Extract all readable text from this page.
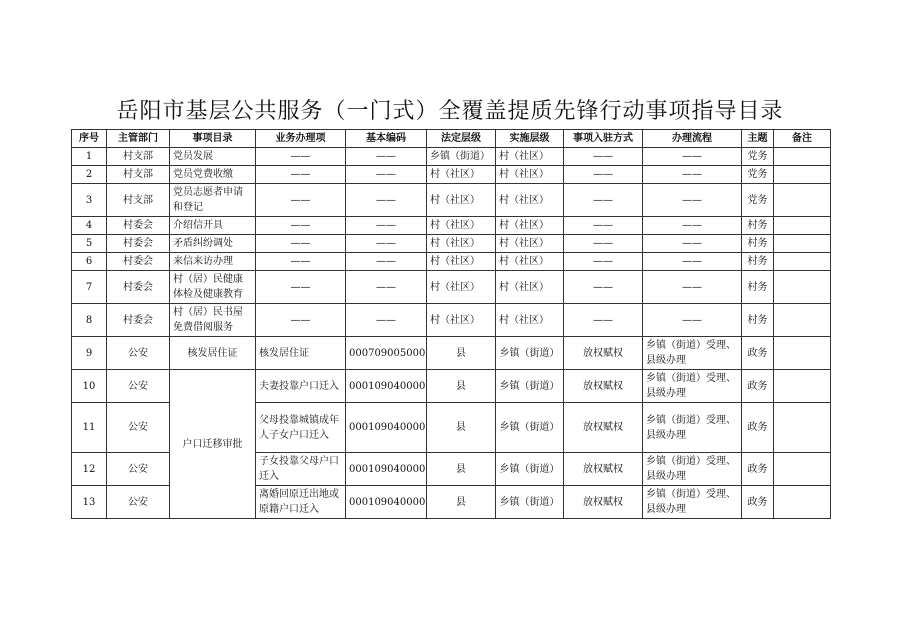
岳阳市基层公共服务（一门式）全覆盖提质先锋行动事项指导目录
序号	主管部门	事项目录	业务办理项	基本编码	法定层级	实施层级	事项入驻方式	办理流程	主题	备注
1	村支部	党员发展	——	——	乡镇（街道）	村（社区）	——	——	党务	
2	村支部	党员党费收缴	——	——	村（社区）	村（社区）	——	——	党务	
3	村支部	党员志愿者申请和登记	——	——	村（社区）	村（社区）	——	——	党务	
4	村委会	介绍信开具	——	——	村（社区）	村（社区）	——	——	村务	
5	村委会	矛盾纠纷调处	——	——	村（社区）	村（社区）	——	——	村务	
6	村委会	来信来访办理	——	——	村（社区）	村（社区）	——	——	村务	
7	村委会	村（居）民健康体检及健康教育	——	——	村（社区）	村（社区）	——	——	村务	
8	村委会	村（居）民书屋免费借阅服务	——	——	村（社区）	村（社区）	——	——	村务	
9	公安	核发居住证	核发居住证	000709005000	县	乡镇（街道）	放权赋权	乡镇（街道）受理、县级办理	政务	
10	公安	户口迁移审批	夫妻投靠户口迁入	000109040000	县	乡镇（街道）	放权赋权	乡镇（街道）受理、县级办理	政务	
11	公安		父母投靠城镇成年人子女户口迁入	000109040000	县	乡镇（街道）	放权赋权	乡镇（街道）受理、县级办理	政务	
12	公安		子女投靠父母户口迁入	000109040000	县	乡镇（街道）	放权赋权	乡镇（街道）受理、县级办理	政务	
13	公安		离婚回原迁出地或原籍户口迁入	000109040000	县	乡镇（街道）	放权赋权	乡镇（街道）受理、县级办理	政务	
